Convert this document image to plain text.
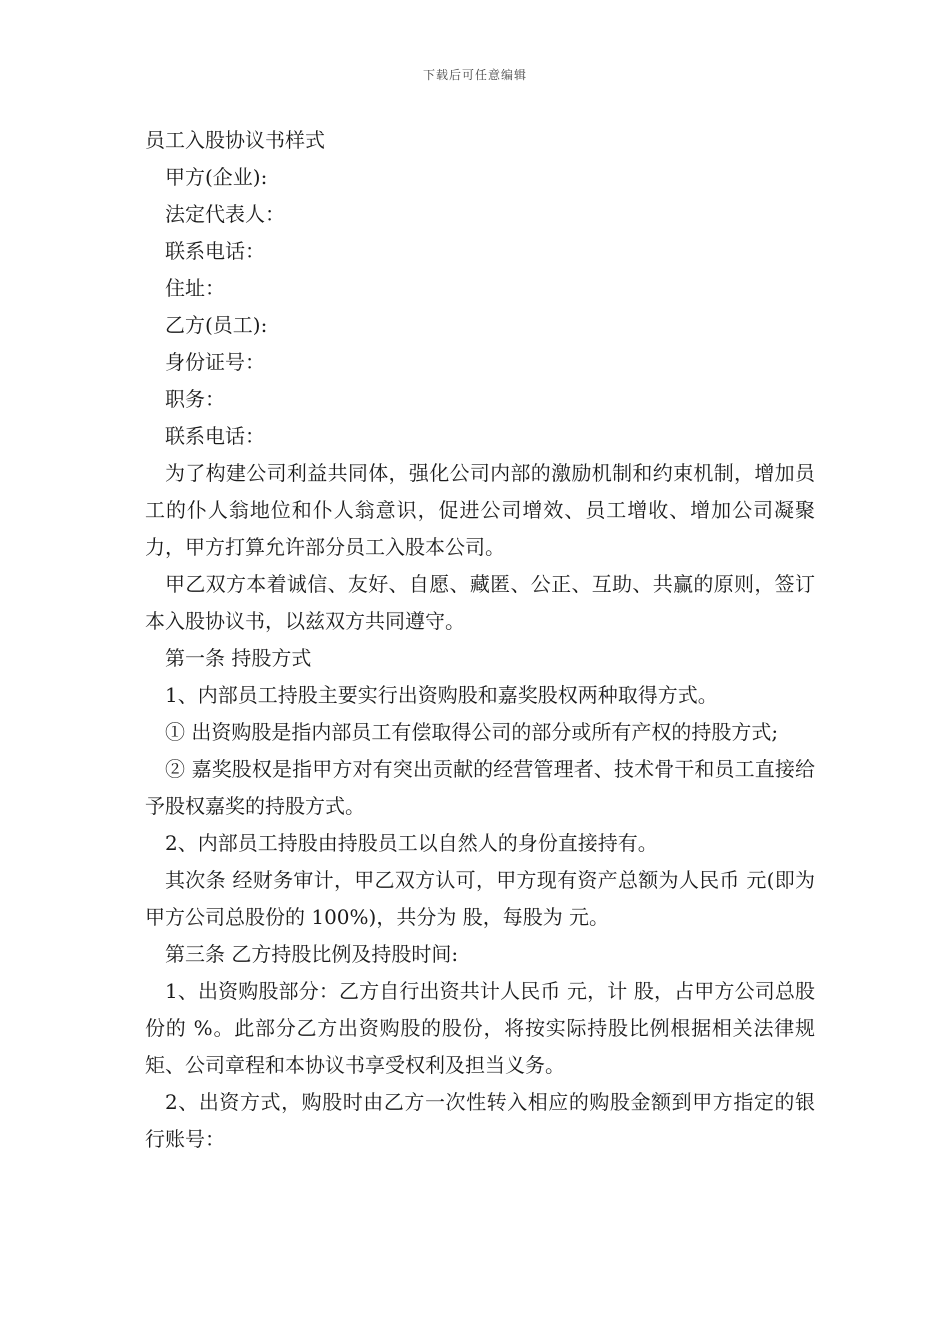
下载后可任意编辑

员工入股协议书样式

甲方(企业):

法定代表人：

联系电话：

住址：

乙方(员工):

身份证号：

职务：

联系电话：

为了构建公司利益共同体，强化公司内部的激励机制和约束机制，增加员工的仆人翁地位和仆人翁意识，促进公司增效、员工增收、增加公司凝聚力，甲方打算允许部分员工入股本公司。

甲乙双方本着诚信、友好、自愿、藏匿、公正、互助、共赢的原则，签订本入股协议书，以兹双方共同遵守。

第一条 持股方式

1、内部员工持股主要实行出资购股和嘉奖股权两种取得方式。

① 出资购股是指内部员工有偿取得公司的部分或所有产权的持股方式;

② 嘉奖股权是指甲方对有突出贡献的经营管理者、技术骨干和员工直接给予股权嘉奖的持股方式。

2、内部员工持股由持股员工以自然人的身份直接持有。

其次条 经财务审计，甲乙双方认可，甲方现有资产总额为人民币 元(即为甲方公司总股份的 100%)，共分为 股，每股为 元。

第三条 乙方持股比例及持股时间:

1、出资购股部分：乙方自行出资共计人民币 元，计 股，占甲方公司总股份的 %。此部分乙方出资购股的股份，将按实际持股比例根据相关法律规矩、公司章程和本协议书享受权利及担当义务。

2、出资方式，购股时由乙方一次性转入相应的购股金额到甲方指定的银行账号：
